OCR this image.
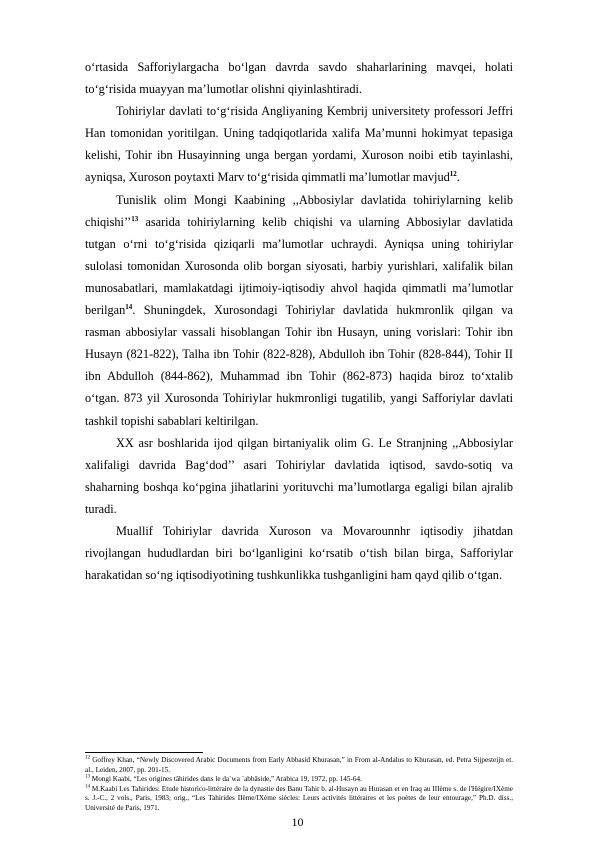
o‘rtasida Safforiylargacha bo‘lgan davrda savdo shaharlarining mavqei, holati to‘g‘risida muayyan ma’lumotlar olishni qiyinlashtiradi.

Tohiriylar davlati to‘g‘risida Angliyaning Kembrij universitety professori Jeffri Han tomonidan yoritilgan. Uning tadqiqotlarida xalifa Ma’munni hokimyat tepasiga kelishi, Tohir ibn Husayinning unga bergan yordami, Xuroson noibi etib tayinlashi, ayniqsa, Xuroson poytaxti Marv to‘g‘risida qimmatli ma’lumotlar mavjud$^{12}$.

Tunislik olim Mongi Kaabining ,,Abbosiylar davlatida tohiriylarning kelib chiqishi’’$^{13}$ asarida tohiriylarning kelib chiqishi va ularning Abbosiylar davlatida tutgan o‘rni to‘g‘risida qiziqarli ma’lumotlar uchraydi. Ayniqsa uning tohiriylar sulolasi tomonidan Xurosonda olib borgan siyosati, harbiy yurishlari, xalifalik bilan munosabatlari, mamlakatdagi ijtimoiy-iqtisodiy ahvol haqida qimmatli ma’lumotlar berilgan$^{14}$. Shuningdek, Xurosondagi Tohiriylar davlatida hukmronlik qilgan va rasman abbosiylar vassali hisoblangan Tohir ibn Husayn, uning vorislari: Tohir ibn Husayn (821-822), Talha ibn Tohir (822-828), Abdulloh ibn Tohir (828-844), Tohir II ibn Abdulloh (844-862), Muhammad ibn Tohir (862-873) haqida biroz to‘xtalib o‘tgan. 873 yil Xurosonda Tohiriylar hukmronligi tugatilib, yangi Safforiylar davlati tashkil topishi sabablari keltirilgan.

XX asr boshlarida ijod qilgan birtaniyalik olim G. Le Stranjning ,,Abbosiylar xalifaligi davrida Bag‘dod’’ asari Tohiriylar davlatida iqtisod, savdo-sotiq va shaharning boshqa ko‘pgina jihatlarini yorituvchi ma’lumotlarga egaligi bilan ajralib turadi.

Muallif Tohiriylar davrida Xuroson va Movarounnhr iqtisodiy jihatdan rivojlangan hududlardan biri bo‘lganligini ko‘rsatib o‘tish bilan birga, Safforiylar harakatidan so‘ng iqtisodiyotining tushkunlikka tushganligini ham qayd qilib o‘tgan.

$^{12}$ Goffrey Khan, “Newly Discovered Arabic Documents from Early Abbasid Khurasan,” in From al-Andalus to Khurasan, ed. Petra Sijpesteijn et. al., Leiden, 2007, pp. 201-15.

$^{13}$ Mongi Kaabi, “Les origines tâhirides dans le da`wa `abbâside,” Arabica 19, 1972, pp. 145-64.

$^{14}$ M.Kaabi Les Tahirides: Etude historico-littéraire de la dynastie des Banu Tahir b. al-Husayn au Hurasan et en Iraq au IIIème s. de l'Hégire/IXème s. J.-C., 2 vols., Paris, 1983; orig., “Les Tahirides IIème/IXème siècles: Leurs activités littéraires et les poètes de leur entourage,” Ph.D. diss., Université de Paris, 1971.

10
